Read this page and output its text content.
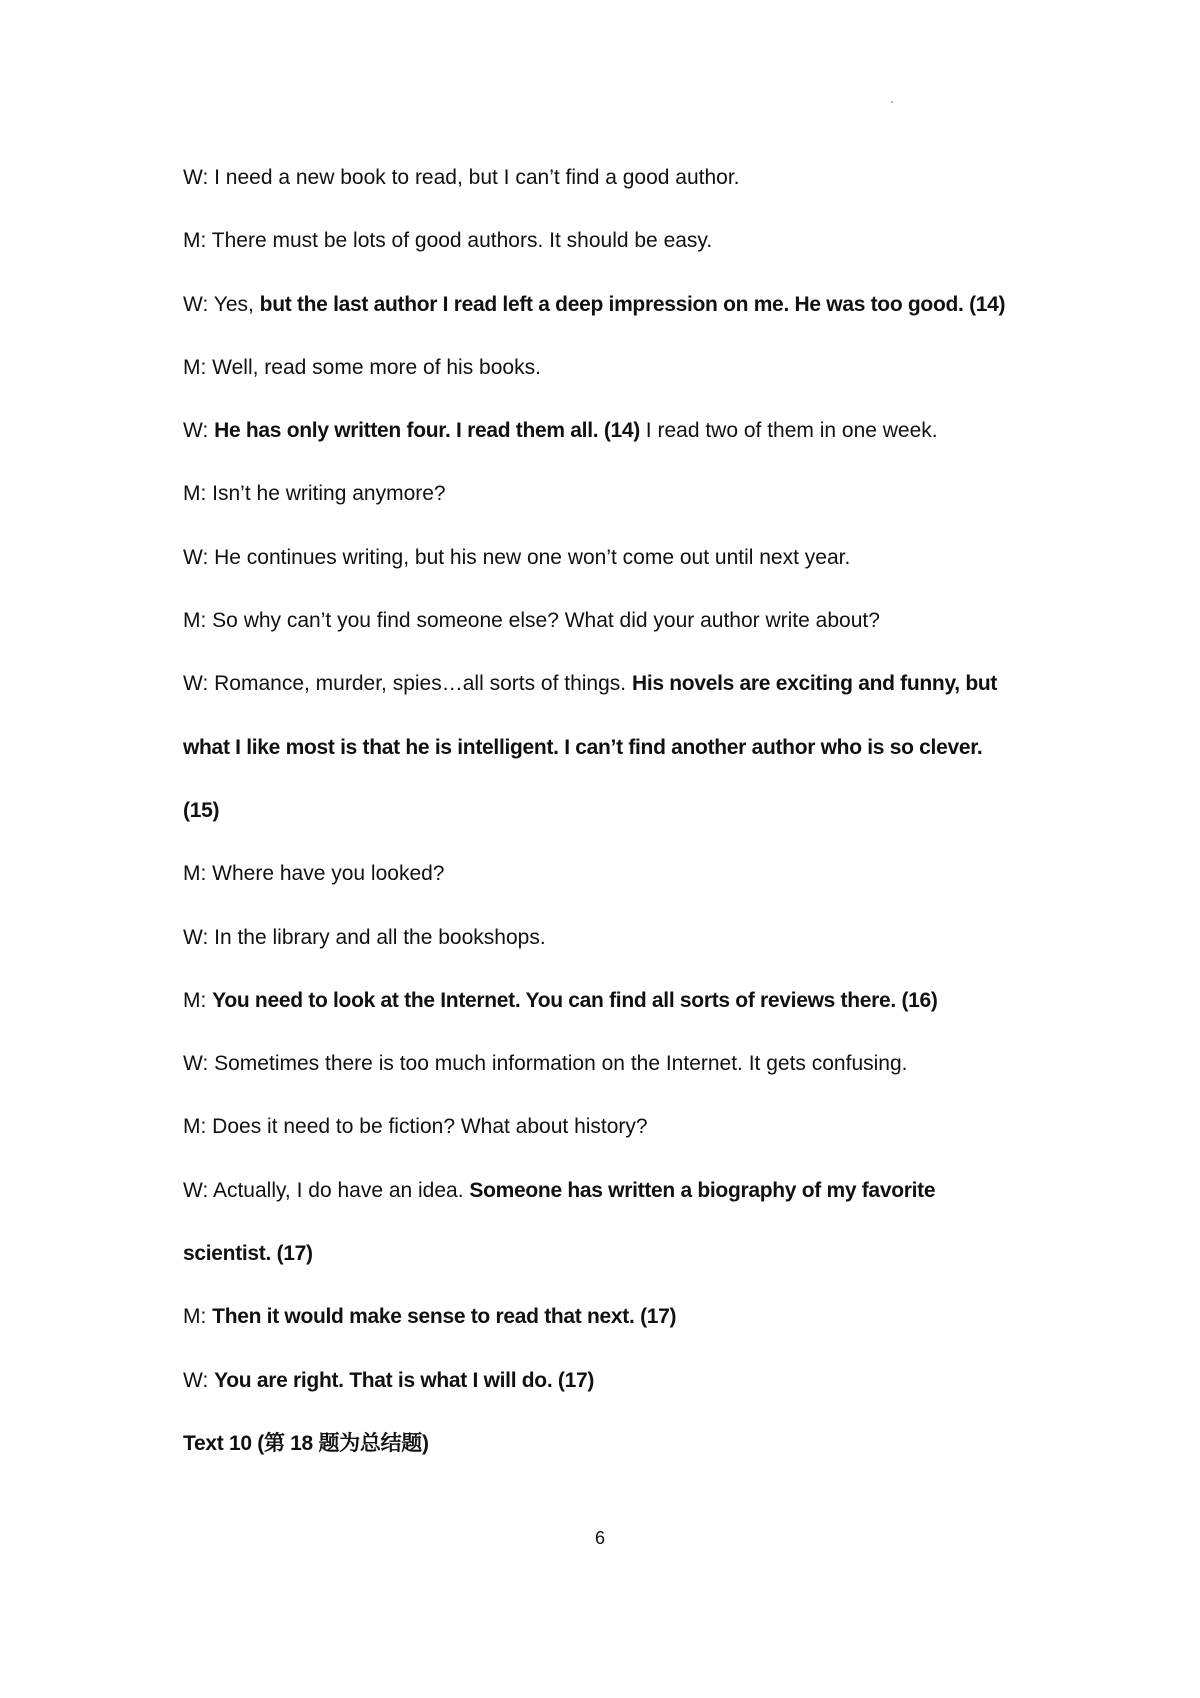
W: I need a new book to read, but I can’t find a good author.
M: There must be lots of good authors. It should be easy.
W: Yes, but the last author I read left a deep impression on me. He was too good. (14)
M: Well, read some more of his books.
W: He has only written four. I read them all. (14) I read two of them in one week.
M: Isn’t he writing anymore?
W: He continues writing, but his new one won’t come out until next year.
M: So why can’t you find someone else? What did your author write about?
W: Romance, murder, spies…all sorts of things. His novels are exciting and funny, but
what I like most is that he is intelligent. I can’t find another author who is so clever.
(15)
M: Where have you looked?
W: In the library and all the bookshops.
M: You need to look at the Internet. You can find all sorts of reviews there. (16)
W: Sometimes there is too much information on the Internet. It gets confusing.
M: Does it need to be fiction? What about history?
W: Actually, I do have an idea. Someone has written a biography of my favorite
scientist. (17)
M: Then it would make sense to read that next. (17)
W: You are right. That is what I will do. (17)
Text 10 (第 18 题为总结题)
6
